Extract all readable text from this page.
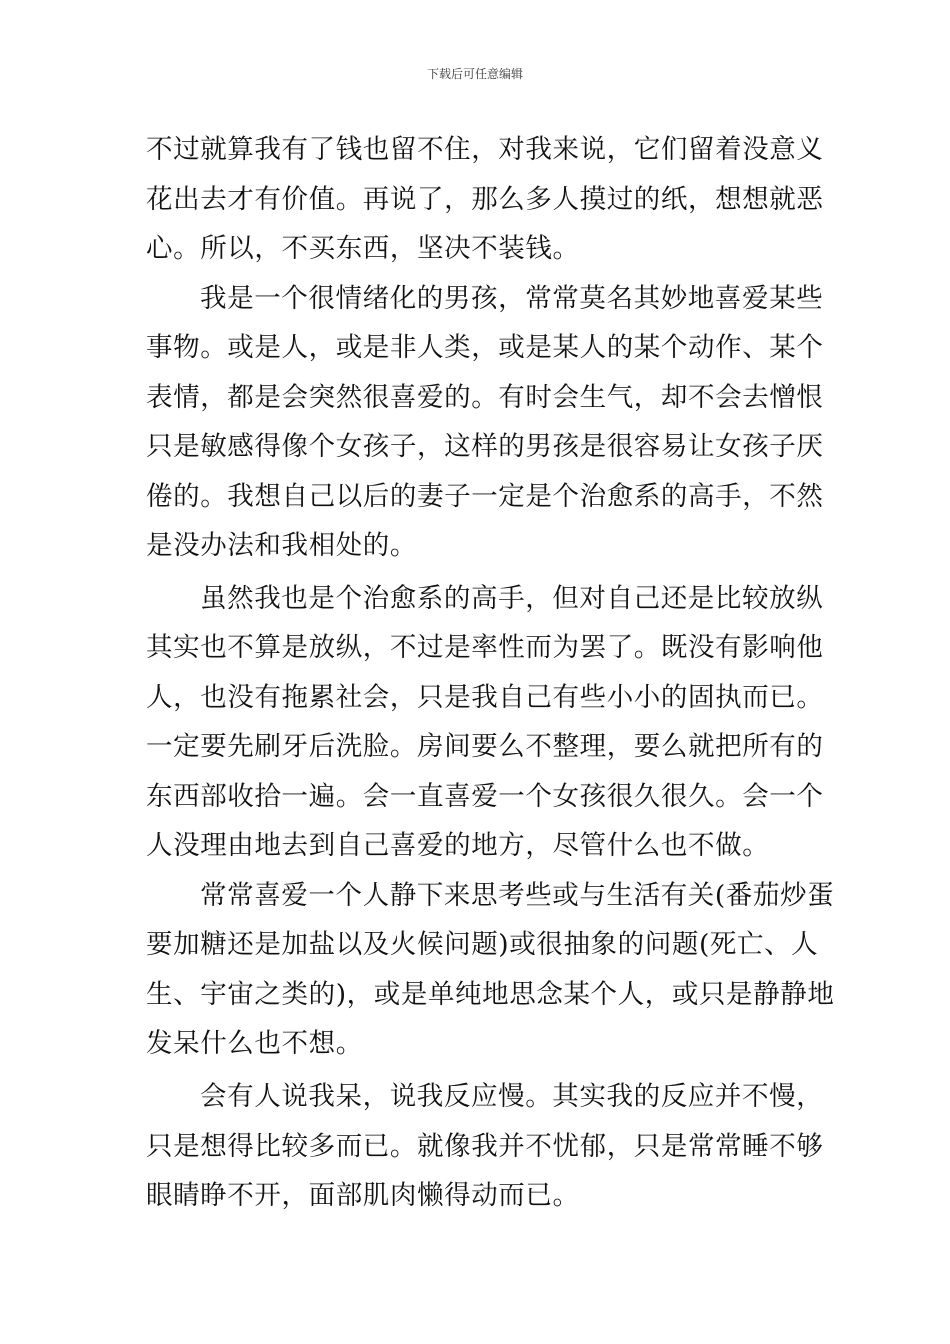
下载后可任意编辑
不过就算我有了钱也留不住，对我来说，它们留着没意义
花出去才有价值。再说了，那么多人摸过的纸，想想就恶
心。所以，不买东西，坚决不装钱。
我是一个很情绪化的男孩，常常莫名其妙地喜爱某些
事物。或是人，或是非人类，或是某人的某个动作、某个
表情，都是会突然很喜爱的。有时会生气，却不会去憎恨
只是敏感得像个女孩子，这样的男孩是很容易让女孩子厌
倦的。我想自己以后的妻子一定是个治愈系的高手，不然
是没办法和我相处的。
虽然我也是个治愈系的高手，但对自己还是比较放纵
其实也不算是放纵，不过是率性而为罢了。既没有影响他
人，也没有拖累社会，只是我自己有些小小的固执而已。
一定要先刷牙后洗脸。房间要么不整理，要么就把所有的
东西部收拾一遍。会一直喜爱一个女孩很久很久。会一个
人没理由地去到自己喜爱的地方，尽管什么也不做。
常常喜爱一个人静下来思考些或与生活有关(番茄炒蛋
要加糖还是加盐以及火候问题)或很抽象的问题(死亡、人
生、宇宙之类的)，或是单纯地思念某个人，或只是静静地
发呆什么也不想。
会有人说我呆，说我反应慢。其实我的反应并不慢，
只是想得比较多而已。就像我并不忧郁，只是常常睡不够
眼睛睁不开，面部肌肉懒得动而已。
